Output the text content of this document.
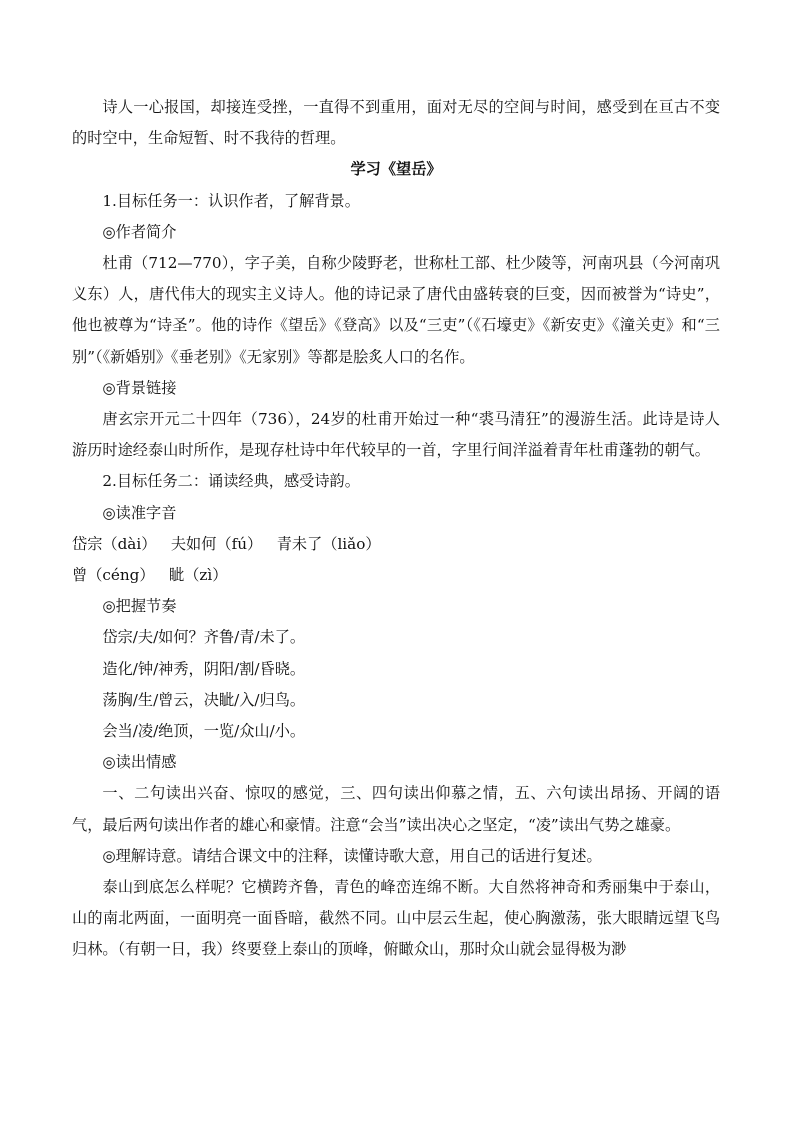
诗人一心报国，却接连受挫，一直得不到重用，面对无尽的空间与时间，感受到在亘古不变的时空中，生命短暂、时不我待的哲理。

学习《望岳》

1.目标任务一：认识作者，了解背景。

◎作者简介

杜甫（712—770），字子美，自称少陵野老，世称杜工部、杜少陵等，河南巩县（今河南巩义东）人，唐代伟大的现实主义诗人。他的诗记录了唐代由盛转衰的巨变，因而被誉为“诗史”，他也被尊为“诗圣”。他的诗作《望岳》《登高》以及“三吏”（《石壕吏》《新安吏》《潼关吏》和“三别”（《新婚别》《垂老别》《无家别》等都是脍炙人口的名作。

◎背景链接

唐玄宗开元二十四年（736），24岁的杜甫开始过一种“裘马清狂”的漫游生活。此诗是诗人游历时途经泰山时所作，是现存杜诗中年代较早的一首，字里行间洋溢着青年杜甫蓬勃的朝气。

2.目标任务二：诵读经典，感受诗韵。

◎读准字音

岱宗（dài）   夫如何（fú）   青未了（liǎo）

曾（céng）   眦（zì）

◎把握节奏

岱宗/夫/如何？齐鲁/青/未了。

造化/钟/神秀，阴阳/割/昏晓。

荡胸/生/曾云，决眦/入/归鸟。

会当/凌/绝顶，一览/众山/小。

◎读出情感

一、二句读出兴奋、惊叹的感觉，三、四句读出仰慕之情，五、六句读出昂扬、开阔的语气，最后两句读出作者的雄心和豪情。注意“会当”读出决心之坚定，“凌”读出气势之雄豪。

◎理解诗意。请结合课文中的注释，读懂诗歌大意，用自己的话进行复述。

泰山到底怎么样呢？它横跨齐鲁，青色的峰峦连绵不断。大自然将神奇和秀丽集中于泰山，山的南北两面，一面明亮一面昏暗，截然不同。山中层云生起，使心胸激荡，张大眼睛远望飞鸟归林。（有朝一日，我）终要登上泰山的顶峰，俯瞰众山，那时众山就会显得极为渺
